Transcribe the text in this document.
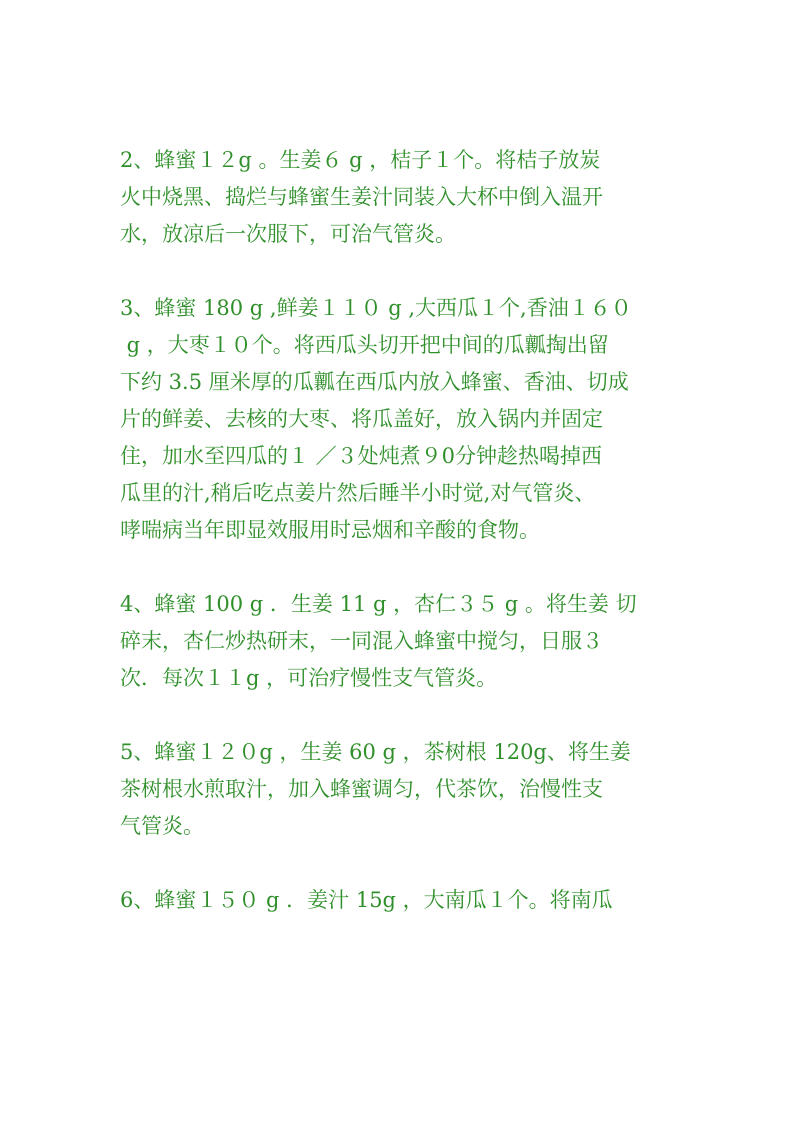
2、蜂蜜１２g 。生姜６ g ，桔子１个。将桔子放炭
火中烧黑、捣烂与蜂蜜生姜汁同装入大杯中倒入温开
水，放凉后一次服下，可治气管炎。
3、蜂蜜 180 g ,鲜姜１１０ g ,大西瓜１个,香油１６０
g ，大枣１０个。将西瓜头切开把中间的瓜瓤掏出留
下约 3.5 厘米厚的瓜瓤在西瓜内放入蜂蜜、香油、切成
片的鲜姜、去核的大枣、将瓜盖好，放入锅内并固定
住，加水至四瓜的１ ／３处炖煮９0分钟趁热喝掉西
瓜里的汁,稍后吃点姜片然后睡半小时觉,对气管炎、
哮喘病当年即显效服用时忌烟和辛酸的食物。
4、蜂蜜 100 g ．生姜 11 g ，杏仁３５ g 。将生姜 切
碎末，杏仁炒热研末，一同混入蜂蜜中搅匀，日服３
次．每次１１g ，可治疗慢性支气管炎。
5、蜂蜜１２０g ，生姜 60 g ，茶树根 120g、将生姜
茶树根水煎取汁，加入蜂蜜调匀，代茶饮，治慢性支
气管炎。
6、蜂蜜１５０ g ．姜汁 15g ，大南瓜１个。将南瓜
